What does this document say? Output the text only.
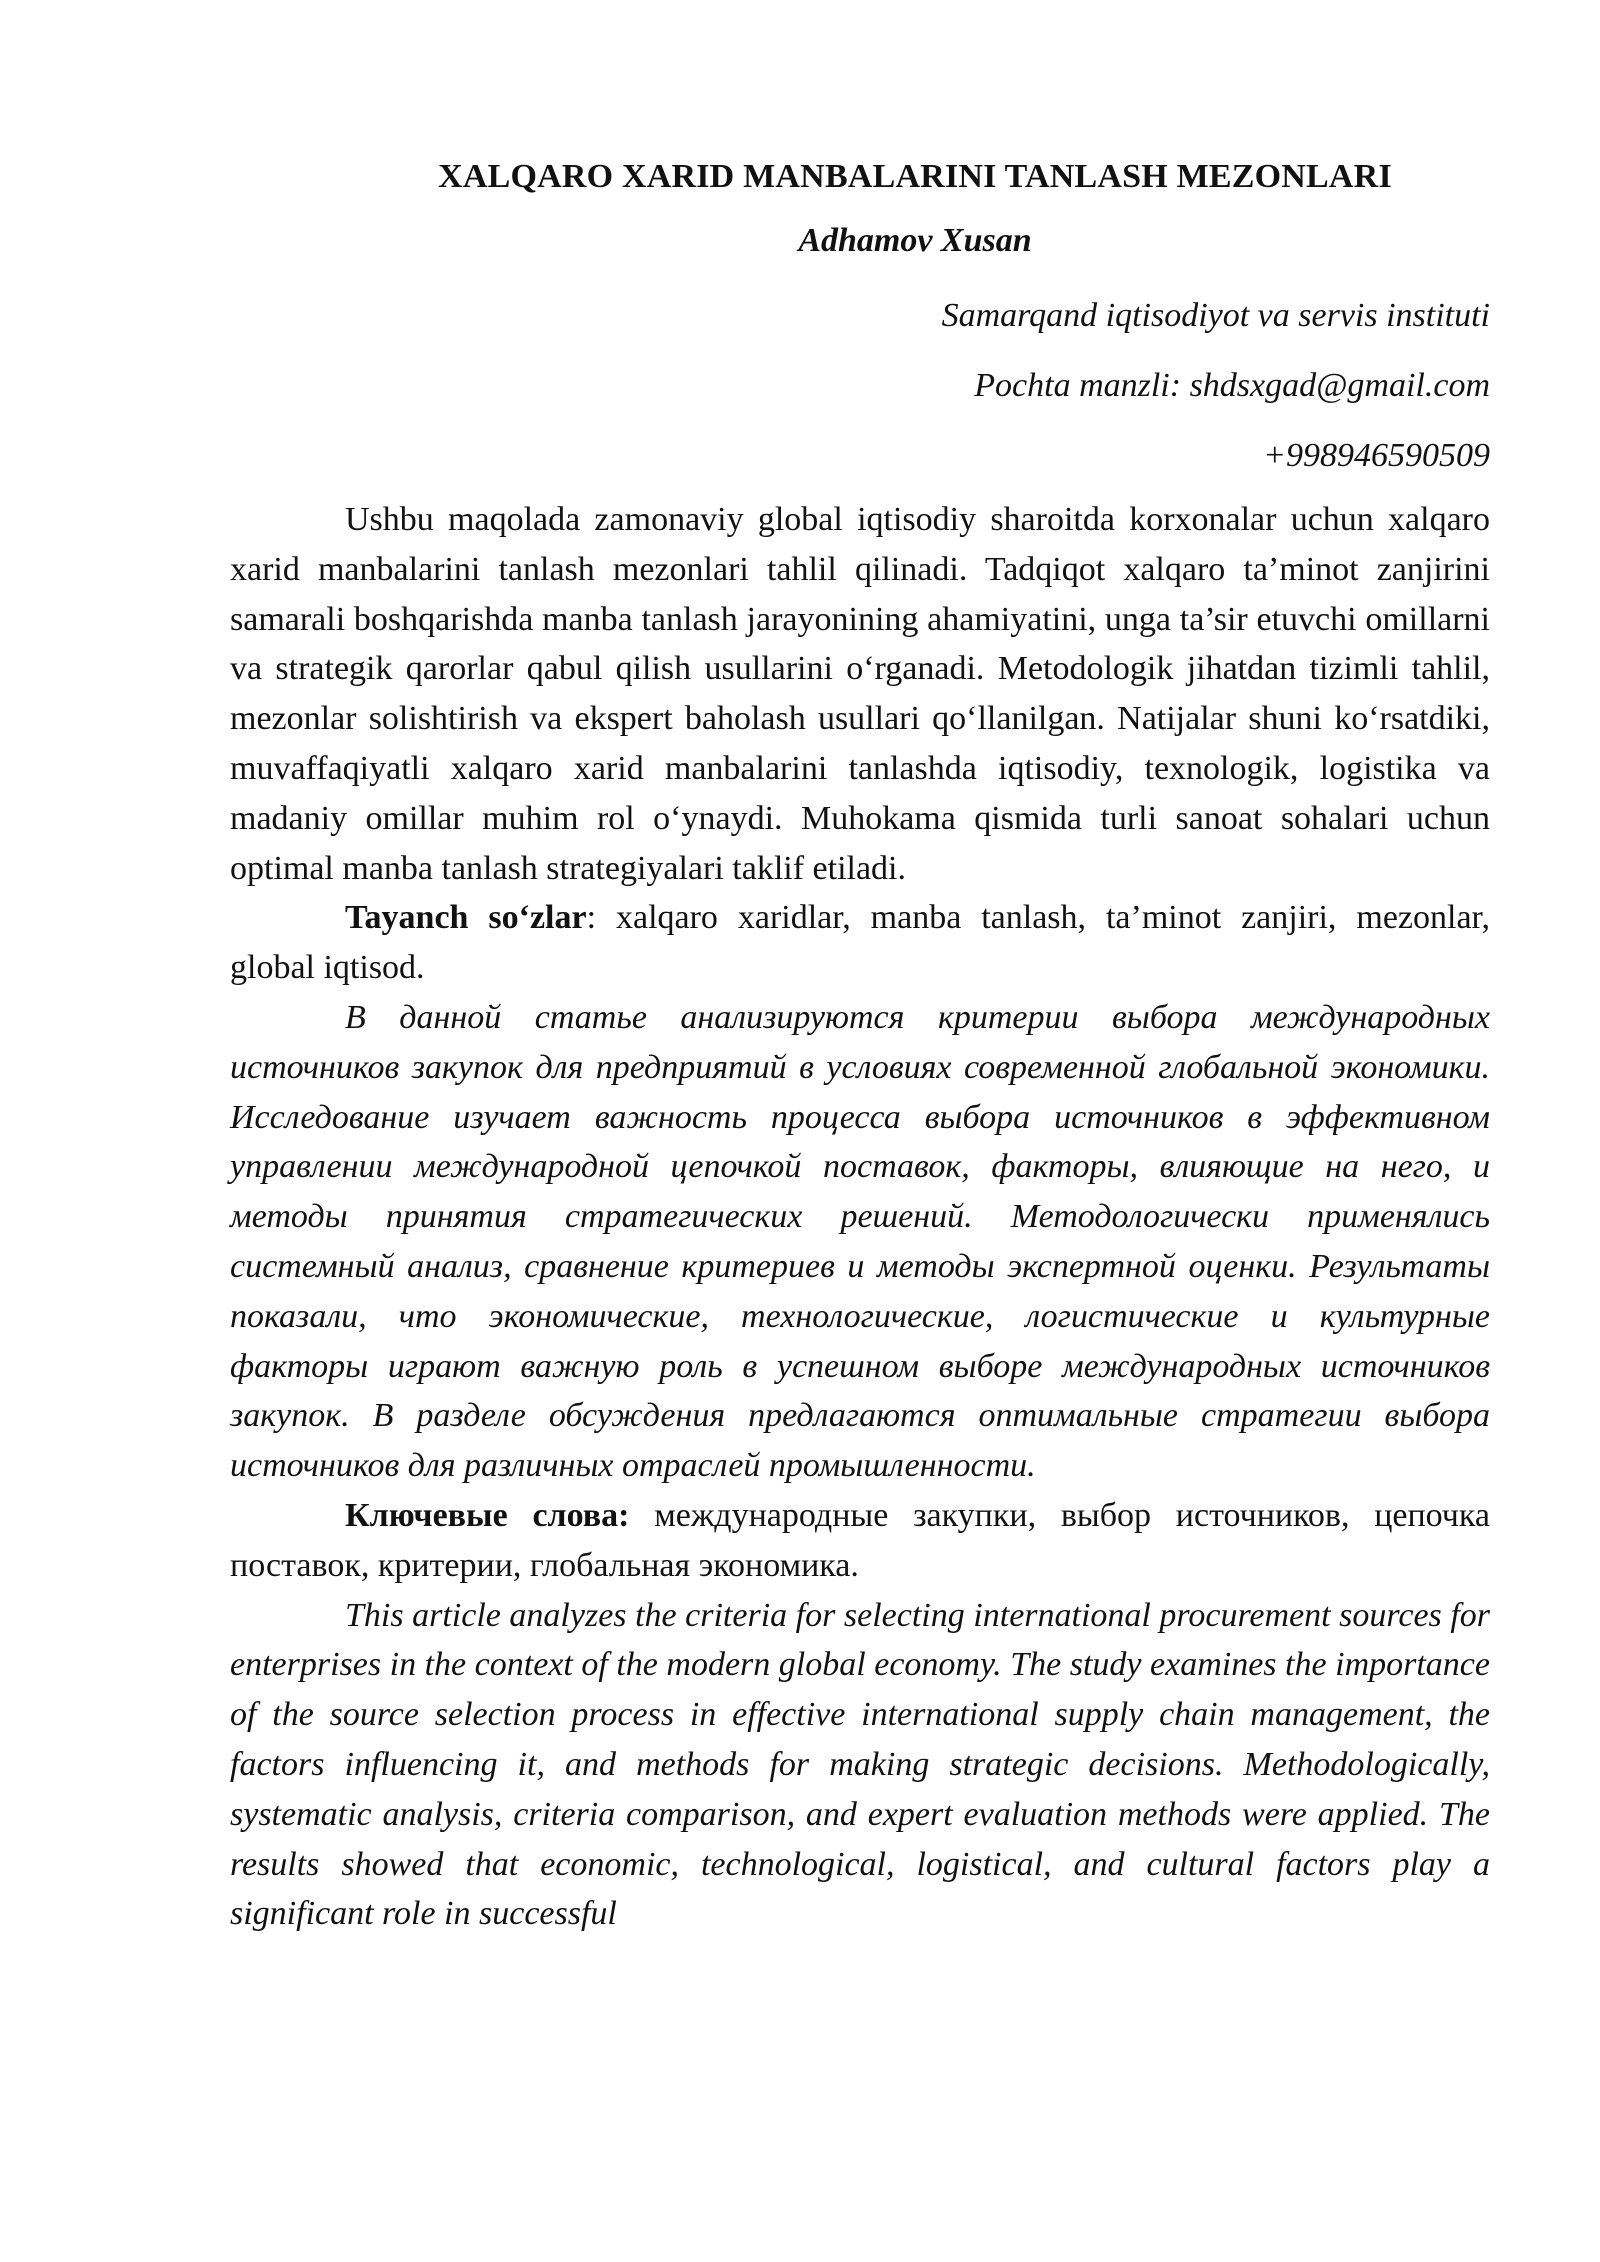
XALQARO XARID MANBALARINI TANLASH MEZONLARI

Adhamov Xusan

Samarqand iqtisodiyot va servis instituti

Pochta manzli: shdsxgad@gmail.com

+998946590509

Ushbu maqolada zamonaviy global iqtisodiy sharoitda korxonalar uchun xalqaro xarid manbalarini tanlash mezonlari tahlil qilinadi. Tadqiqot xalqaro ta’minot zanjirini samarali boshqarishda manba tanlash jarayonining ahamiyatini, unga ta’sir etuvchi omillarni va strategik qarorlar qabul qilish usullarini o‘rganadi. Metodologik jihatdan tizimli tahlil, mezonlar solishtirish va ekspert baholash usullari qo‘llanilgan. Natijalar shuni ko‘rsatdiki, muvaffaqiyatli xalqaro xarid manbalarini tanlashda iqtisodiy, texnologik, logistika va madaniy omillar muhim rol o‘ynaydi. Muhokama qismida turli sanoat sohalari uchun optimal manba tanlash strategiyalari taklif etiladi.

Tayanch so‘zlar: xalqaro xaridlar, manba tanlash, ta’minot zanjiri, mezonlar, global iqtisod.

В данной статье анализируются критерии выбора международных источников закупок для предприятий в условиях современной глобальной экономики. Исследование изучает важность процесса выбора источников в эффективном управлении международной цепочкой поставок, факторы, влияющие на него, и методы принятия стратегических решений. Методологически применялись системный анализ, сравнение критериев и методы экспертной оценки. Результаты показали, что экономические, технологические, логистические и культурные факторы играют важную роль в успешном выборе международных источников закупок. В разделе обсуждения предлагаются оптимальные стратегии выбора источников для различных отраслей промышленности.

Ключевые слова: международные закупки, выбор источников, цепочка поставок, критерии, глобальная экономика.

This article analyzes the criteria for selecting international procurement sources for enterprises in the context of the modern global economy. The study examines the importance of the source selection process in effective international supply chain management, the factors influencing it, and methods for making strategic decisions. Methodologically, systematic analysis, criteria comparison, and expert evaluation methods were applied. The results showed that economic, technological, logistical, and cultural factors play a significant role in successful
